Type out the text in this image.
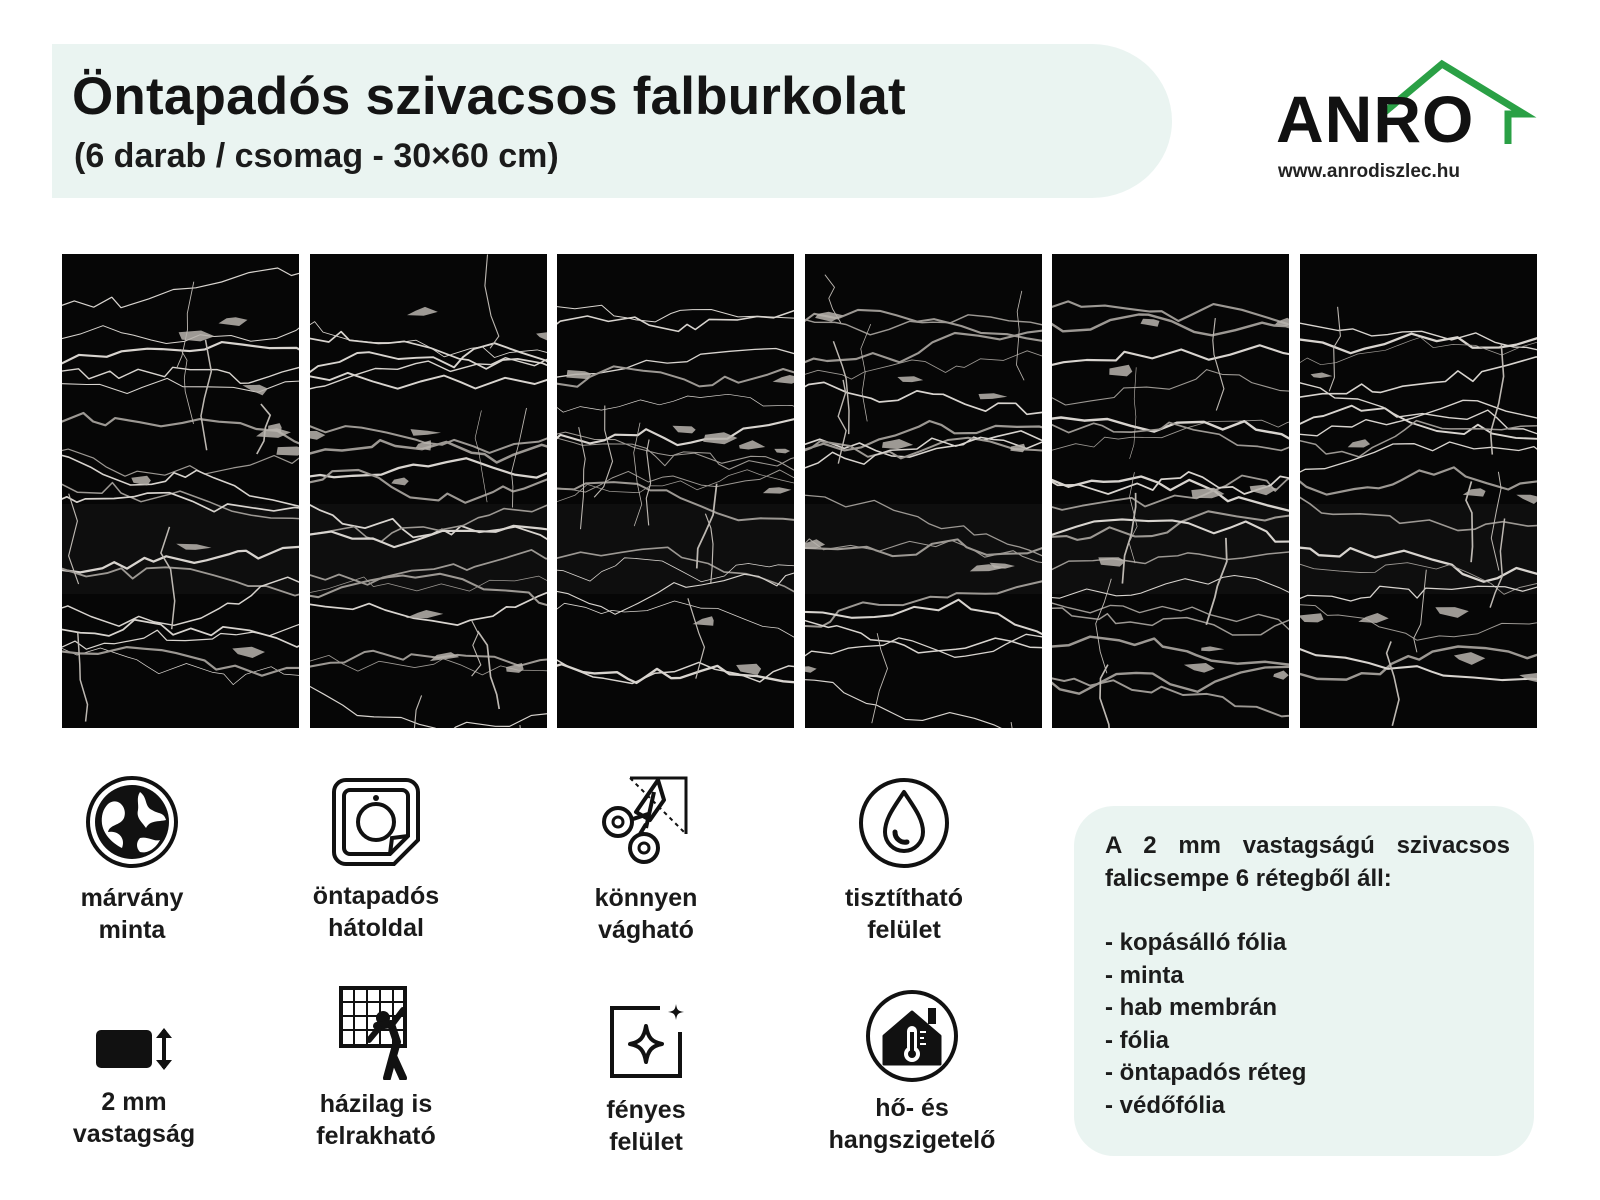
Öntapadós szivacsos falburkolat
(6 darab / csomag - 30×60 cm)	ANRO
www.anrodiszlec.hu
márvány
minta
öntapadós
hátoldal
könnyen
vágható
tisztítható
felület
2 mm
vastagság
házilag is
felrakható
fényes
felület
hő- és
hangszigetelő

A 2 mm vastagságú szivacsos falicsempe 6 rétegből áll:

- kopásálló fólia
- minta
- hab membrán
- fólia
- öntapadós réteg
- védőfólia
